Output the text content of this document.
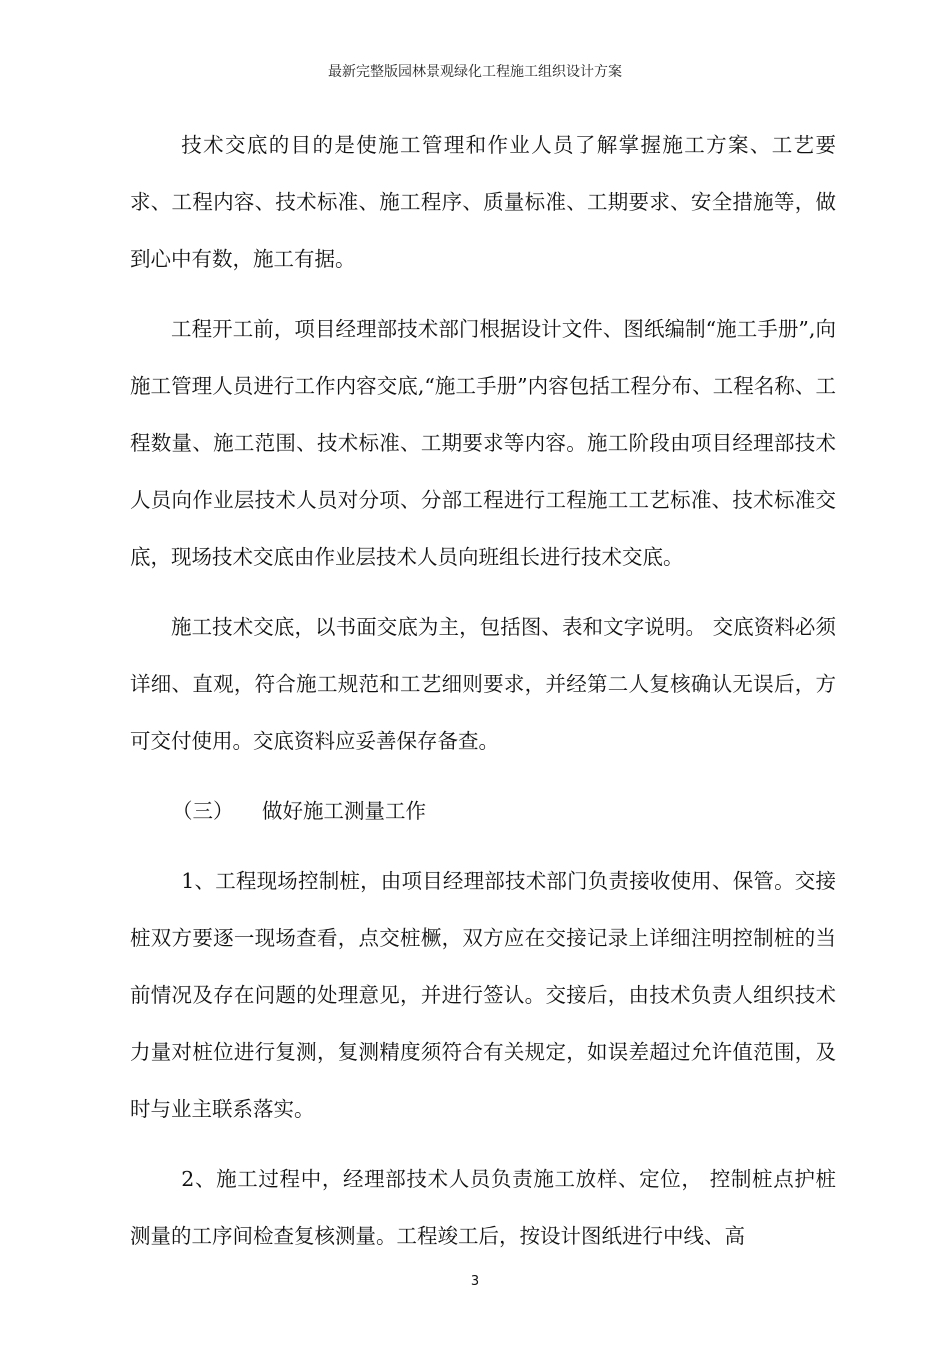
最新完整版园林景观绿化工程施工组织设计方案

技术交底的目的是使施工管理和作业人员了解掌握施工方案、工艺要求、工程内容、技术标准、施工程序、质量标准、工期要求、安全措施等，做到心中有数，施工有据。

工程开工前，项目经理部技术部门根据设计文件、图纸编制“施工手册”,向施工管理人员进行工作内容交底,“施工手册”内容包括工程分布、工程名称、工程数量、施工范围、技术标准、工期要求等内容。施工阶段由项目经理部技术人员向作业层技术人员对分项、分部工程进行工程施工工艺标准、技术标准交底，现场技术交底由作业层技术人员向班组长进行技术交底。

施工技术交底，以书面交底为主，包括图、表和文字说明。 交底资料必须详细、直观，符合施工规范和工艺细则要求，并经第二人复核确认无误后，方可交付使用。交底资料应妥善保存备查。

（三） 做好施工测量工作

1、工程现场控制桩，由项目经理部技术部门负责接收使用、保管。交接桩双方要逐一现场查看，点交桩橛，双方应在交接记录上详细注明控制桩的当前情况及存在问题的处理意见，并进行签认。交接后，由技术负责人组织技术力量对桩位进行复测，复测精度须符合有关规定，如误差超过允许值范围，及时与业主联系落实。

2、施工过程中，经理部技术人员负责施工放样、定位， 控制桩点护桩测量的工序间检查复核测量。工程竣工后，按设计图纸进行中线、高

3
